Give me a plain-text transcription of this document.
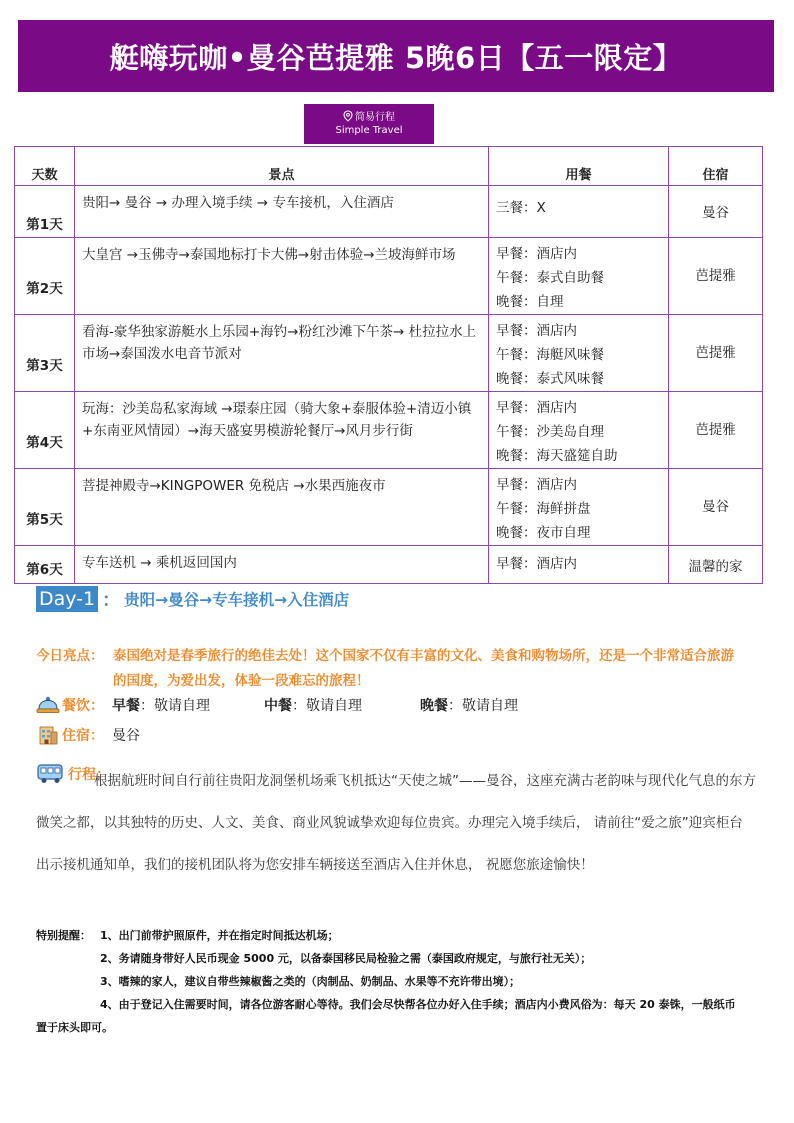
艇嗨玩咖•曼谷芭提雅 5晚6日【五一限定】
简易行程
Simple Travel
天数	景点	用餐	住宿
第1天	贵阳→ 曼谷 → 办理入境手续 → 专车接机，入住酒店	三餐：X	曼谷
第2天	大皇宫 →玉佛寺→泰国地标打卡大佛→射击体验→兰坡海鲜市场	早餐：酒店内
午餐：泰式自助餐
晚餐：自理	芭提雅
第3天	看海-豪华独家游艇水上乐园+海钓→粉红沙滩下午茶→ 杜拉拉水上市场→泰国泼水电音节派对	早餐：酒店内
午餐：海艇风味餐
晚餐：泰式风味餐	芭提雅
第4天	玩海：沙美岛私家海域 →璟泰庄园（骑大象+泰服体验+清迈小镇+东南亚风情园）→海天盛宴男模游轮餐厅→风月步行街	早餐：酒店内
午餐：沙美岛自理
晚餐：海天盛筵自助	芭提雅
第5天	菩提神殿寺→KINGPOWER 免税店 →水果西施夜市	早餐：酒店内
午餐：海鲜拼盘
晚餐：夜市自理	曼谷
第6天	专车送机 → 乘机返回国内	早餐：酒店内	温馨的家
Day-1 ： 贵阳→曼谷→专车接机→入住酒店
今日亮点： 泰国绝对是春季旅行的绝佳去处！这个国家不仅有丰富的文化、美食和购物场所，还是一个非常适合旅游的国度，为爱出发，体验一段难忘的旅程！
餐饮： 早餐：敬请自理	中餐：敬请自理	晚餐：敬请自理
住宿： 曼谷
行程：
根据航班时间自行前往贵阳龙洞堡机场乘飞机抵达“天使之城”——曼谷，这座充满古老韵味与现代化气息的东方微笑之都，以其独特的历史、人文、美食、商业风貌诚挚欢迎每位贵宾。办理完入境手续后， 请前往“爱之旅”迎宾柜台出示接机通知单，我们的接机团队将为您安排车辆接送至酒店入住并休息， 祝愿您旅途愉快！
特别提醒： 1、出门前带护照原件，并在指定时间抵达机场；
2、务请随身带好人民币现金 5000 元，以备泰国移民局检验之需（泰国政府规定，与旅行社无关）；
3、嗜辣的家人，建议自带些辣椒酱之类的（肉制品、奶制品、水果等不充许带出境）；
4、由于登记入住需要时间，请各位游客耐心等待。我们会尽快帮各位办好入住手续；酒店内小费风俗为：每天 20 泰铢，一般纸币置于床头即可。
